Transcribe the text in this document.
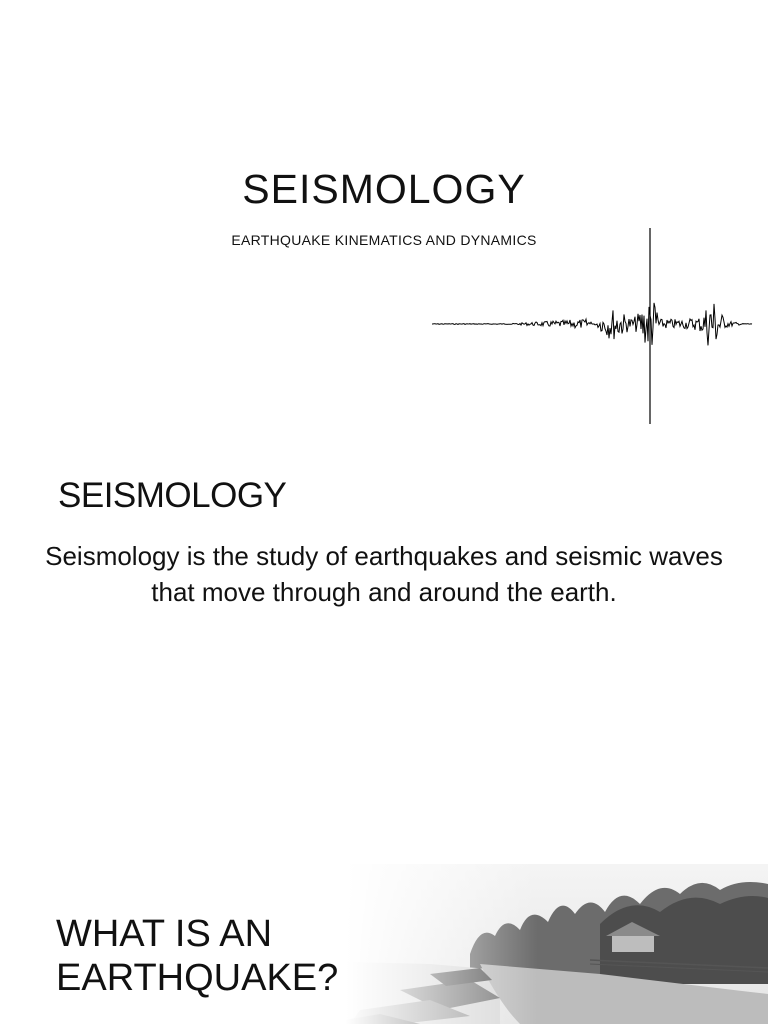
SEISMOLOGY
EARTHQUAKE KINEMATICS AND DYNAMICS
SEISMOLOGY
Seismology is the study of earthquakes and seismic waves that move through and around the earth.
WHAT IS AN
EARTHQUAKE?
